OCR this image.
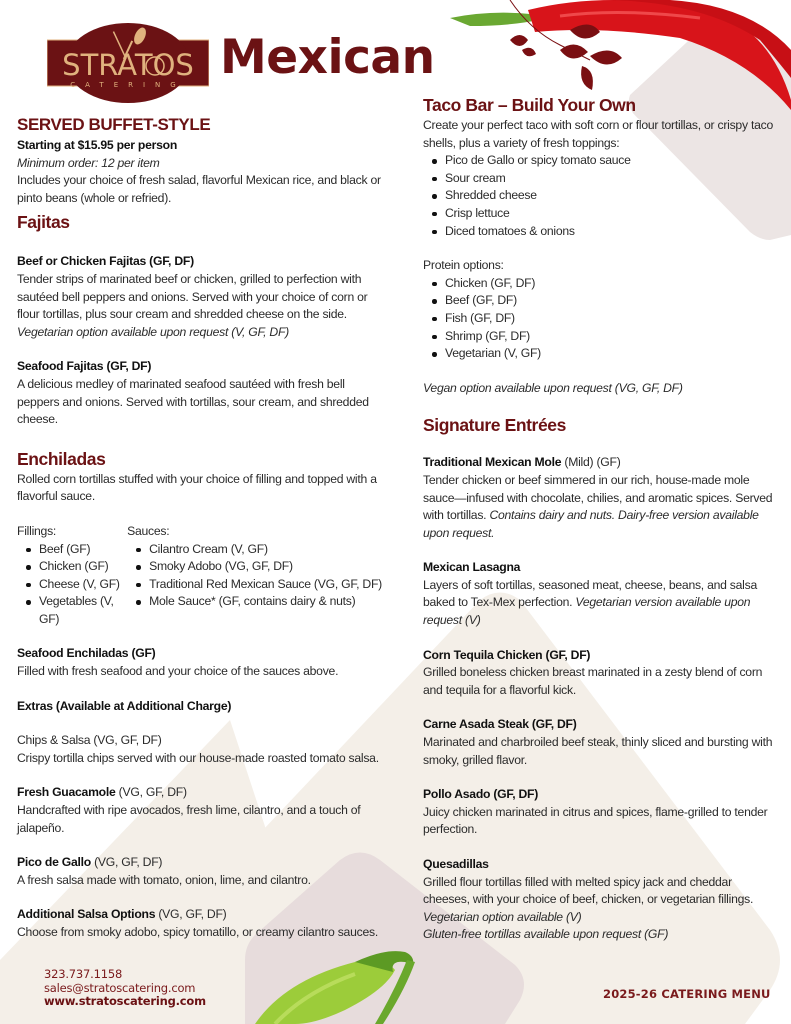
STRATOS
CATERING Mexican
SERVED BUFFET-STYLE

Starting at $15.95 per person

Minimum order: 12 per item

Includes your choice of fresh salad, flavorful Mexican rice, and black or pinto beans (whole or refried).

Fajitas

Beef or Chicken Fajitas (GF, DF)

Tender strips of marinated beef or chicken, grilled to perfection with sautéed bell peppers and onions. Served with your choice of corn or flour tortillas, plus sour cream and shredded cheese on the side. Vegetarian option available upon request (V, GF, DF)

Seafood Fajitas (GF, DF)

A delicious medley of marinated seafood sautéed with fresh bell peppers and onions. Served with tortillas, sour cream, and shredded cheese.

Enchiladas

Rolled corn tortillas stuffed with your choice of filling and topped with a flavorful sauce.

Fillings:

Beef (GF)
Chicken (GF)
Cheese (V, GF)
Vegetables (V, GF)

Sauces:

Cilantro Cream (V, GF)
Smoky Adobo (VG, GF, DF)
Traditional Red Mexican Sauce (VG, GF, DF)
Mole Sauce* (GF, contains dairy & nuts)

Seafood Enchiladas (GF)

Filled with fresh seafood and your choice of the sauces above.

Extras (Available at Additional Charge)

Chips & Salsa (VG, GF, DF)

Crispy tortilla chips served with our house-made roasted tomato salsa.

Fresh Guacamole (VG, GF, DF)

Handcrafted with ripe avocados, fresh lime, cilantro, and a touch of jalapeño.

Pico de Gallo (VG, GF, DF)

A fresh salsa made with tomato, onion, lime, and cilantro.

Additional Salsa Options (VG, GF, DF)

Choose from smoky adobo, spicy tomatillo, or creamy cilantro sauces.

Taco Bar – Build Your Own

Create your perfect taco with soft corn or flour tortillas, or crispy taco shells, plus a variety of fresh toppings:

Pico de Gallo or spicy tomato sauce
Sour cream
Shredded cheese
Crisp lettuce
Diced tomatoes & onions

Protein options:

Chicken (GF, DF)
Beef (GF, DF)
Fish (GF, DF)
Shrimp (GF, DF)
Vegetarian (V, GF)

Vegan option available upon request (VG, GF, DF)

Signature Entrées

Traditional Mexican Mole (Mild) (GF)

Tender chicken or beef simmered in our rich, house-made mole sauce—infused with chocolate, chilies, and aromatic spices. Served with tortillas. Contains dairy and nuts. Dairy-free version available upon request.

Mexican Lasagna

Layers of soft tortillas, seasoned meat, cheese, beans, and salsa baked to Tex-Mex perfection. Vegetarian version available upon request (V)

Corn Tequila Chicken (GF, DF)

Grilled boneless chicken breast marinated in a zesty blend of corn and tequila for a flavorful kick.

Carne Asada Steak (GF, DF)

Marinated and charbroiled beef steak, thinly sliced and bursting with smoky, grilled flavor.

Pollo Asado (GF, DF)

Juicy chicken marinated in citrus and spices, flame-grilled to tender perfection.

Quesadillas

Grilled flour tortillas filled with melted spicy jack and cheddar cheeses, with your choice of beef, chicken, or vegetarian fillings.

Vegetarian option available (V)

Gluten-free tortillas available upon request (GF)

323.737.1158
sales@stratoscatering.com
www.stratoscatering.com	2025-26 CATERING MENU
